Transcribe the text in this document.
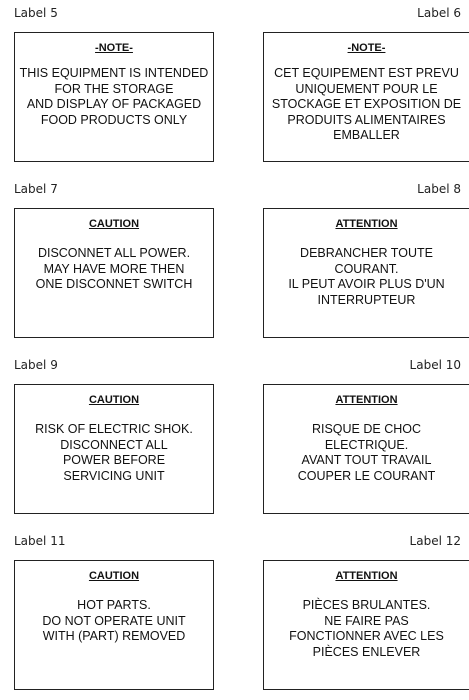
Label 5	Label 6
-NOTE-
THIS EQUIPMENT IS INTENDED
FOR THE STORAGE
AND DISPLAY OF PACKAGED
FOOD PRODUCTS ONLY
-NOTE-
CET EQUIPEMENT EST PREVU
UNIQUEMENT POUR LE
STOCKAGE ET EXPOSITION DE
PRODUITS ALIMENTAIRES
EMBALLER
Label 7	Label 8
CAUTION
DISCONNET ALL POWER.
MAY HAVE MORE THEN
ONE DISCONNET SWITCH
ATTENTION
DEBRANCHER TOUTE
COURANT.
IL PEUT AVOIR PLUS D'UN
INTERRUPTEUR
Label 9	Label 10
CAUTION
RISK OF ELECTRIC SHOK.
DISCONNECT ALL
POWER BEFORE
SERVICING UNIT
ATTENTION
RISQUE DE CHOC
ELECTRIQUE.
AVANT TOUT TRAVAIL
COUPER LE COURANT
Label 11	Label 12
CAUTION
HOT PARTS.
DO NOT OPERATE UNIT
WITH (PART) REMOVED
ATTENTION
PIÈCES BRULANTES.
NE FAIRE PAS
FONCTIONNER AVEC LES
PIÈCES ENLEVER
